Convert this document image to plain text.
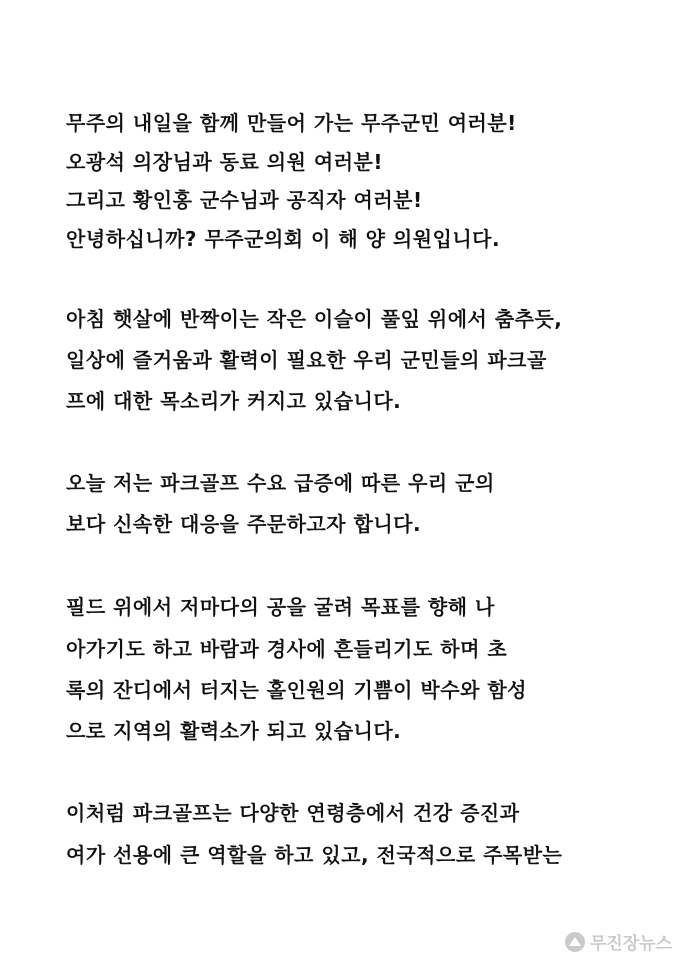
무주의 내일을 함께 만들어 가는 무주군민 여러분!
오광석 의장님과 동료 의원 여러분!
그리고 황인홍 군수님과 공직자 여러분!
안녕하십니까? 무주군의회 이 해 양 의원입니다.
아침 햇살에 반짝이는 작은 이슬이 풀잎 위에서 춤추듯,
일상에 즐거움과 활력이 필요한 우리 군민들의 파크골
프에 대한 목소리가 커지고 있습니다.
오늘 저는 파크골프 수요 급증에 따른 우리 군의
보다 신속한 대응을 주문하고자 합니다.
필드 위에서 저마다의 공을 굴려 목표를 향해 나
아가기도 하고 바람과 경사에 흔들리기도 하며 초
록의 잔디에서 터지는 홀인원의 기쁨이 박수와 함성
으로 지역의 활력소가 되고 있습니다.
이처럼 파크골프는 다양한 연령층에서 건강 증진과
여가 선용에 큰 역할을 하고 있고, 전국적으로 주목받는
무진장뉴스
